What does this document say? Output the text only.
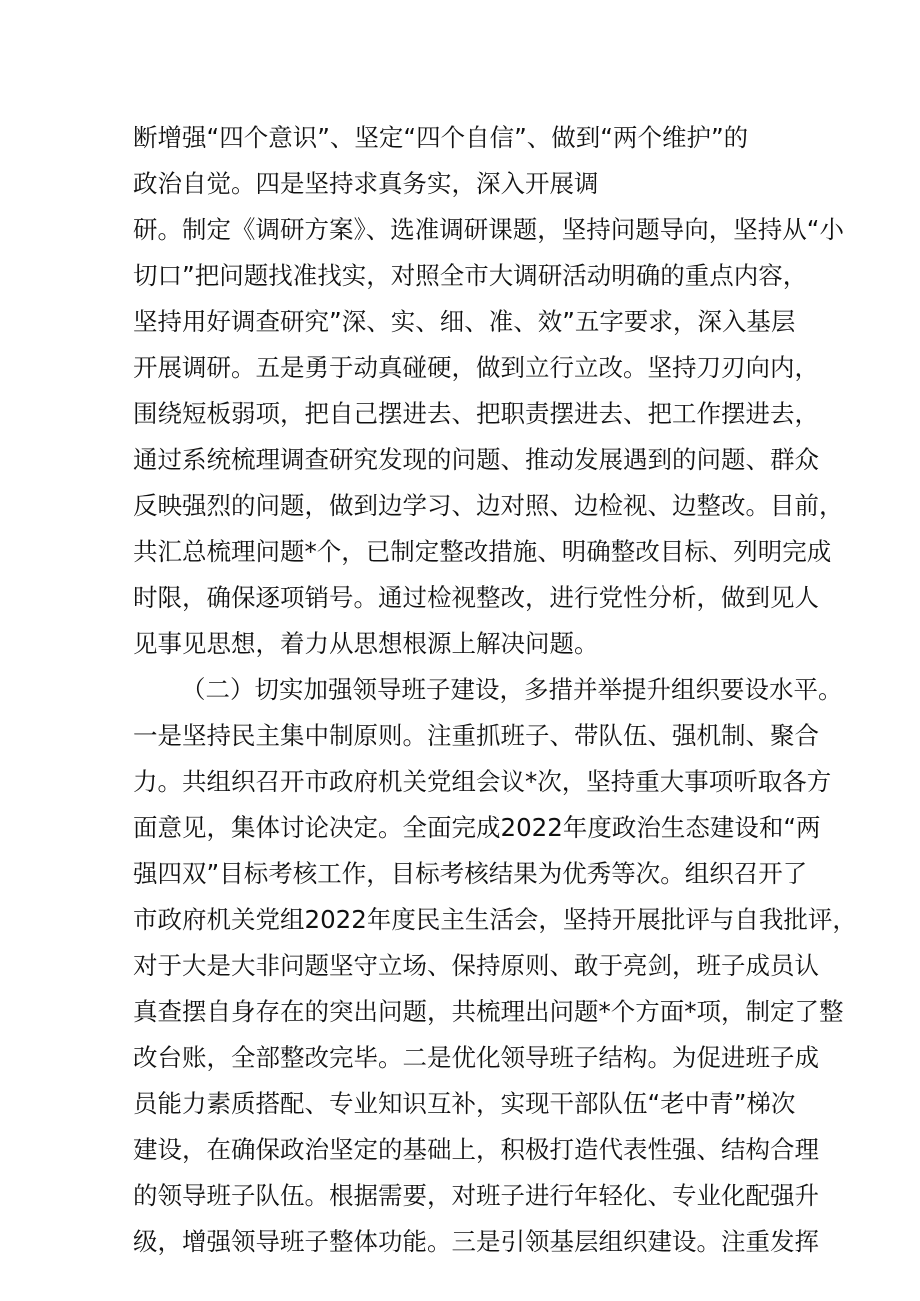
断增强“四个意识”、坚定“四个自信”、做到“两个维护”的
政治自觉。四是坚持求真务实，深入开展调
研。制定《调研方案》、选准调研课题，坚持问题导向，坚持从“小
切口”把问题找准找实，对照全市大调研活动明确的重点内容，
坚持用好调查研究”深、实、细、准、效”五字要求，深入基层
开展调研。五是勇于动真碰硬，做到立行立改。坚持刀刃向内，
围绕短板弱项，把自己摆进去、把职责摆进去、把工作摆进去，
通过系统梳理调查研究发现的问题、推动发展遇到的问题、群众
反映强烈的问题，做到边学习、边对照、边检视、边整改。目前，
共汇总梳理问题*个，已制定整改措施、明确整改目标、列明完成
时限，确保逐项销号。通过检视整改，进行党性分析，做到见人
见事见思想，着力从思想根源上解决问题。
（二）切实加强领导班子建设，多措并举提升组织要设水平。
一是坚持民主集中制原则。注重抓班子、带队伍、强机制、聚合
力。共组织召开市政府机关党组会议*次，坚持重大事项听取各方
面意见，集体讨论决定。全面完成2022年度政治生态建设和“两
强四双”目标考核工作，目标考核结果为优秀等次。组织召开了
市政府机关党组2022年度民主生活会，坚持开展批评与自我批评，
对于大是大非问题坚守立场、保持原则、敢于亮剑，班子成员认
真查摆自身存在的突出问题，共梳理出问题*个方面*项，制定了整
改台账，全部整改完毕。二是优化领导班子结构。为促进班子成
员能力素质搭配、专业知识互补，实现干部队伍“老中青”梯次
建设，在确保政治坚定的基础上，积极打造代表性强、结构合理
的领导班子队伍。根据需要，对班子进行年轻化、专业化配强升
级，增强领导班子整体功能。三是引领基层组织建设。注重发挥
